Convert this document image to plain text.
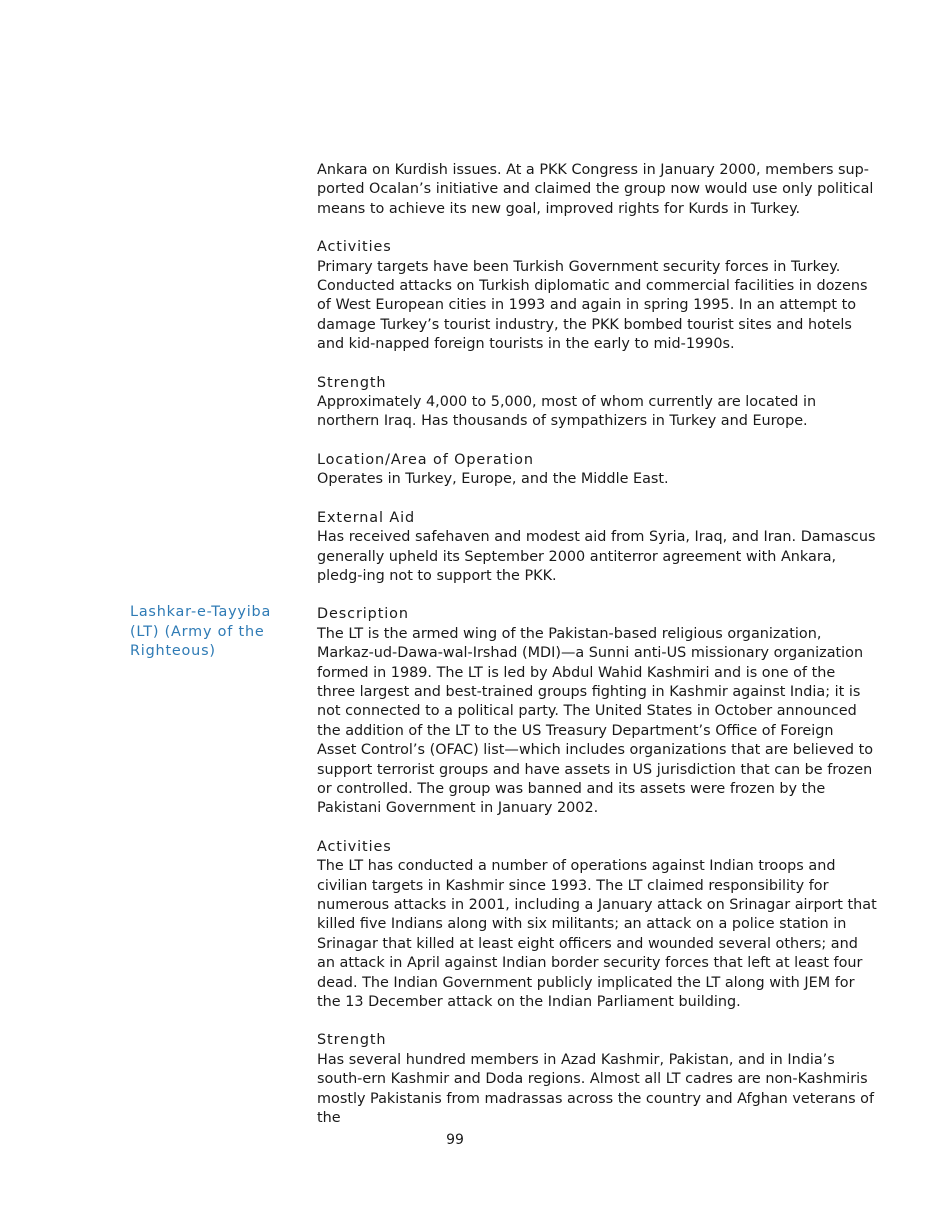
Lashkar-e-Tayyiba (LT) (Army of the Righteous)

Ankara on Kurdish issues. At a PKK Congress in January 2000, members sup-ported Ocalan’s initiative and claimed the group now would use only political means to achieve its new goal, improved rights for Kurds in Turkey.

Activities

Primary targets have been Turkish Government security forces in Turkey. Conducted attacks on Turkish diplomatic and commercial facilities in dozens of West European cities in 1993 and again in spring 1995. In an attempt to damage Turkey’s tourist industry, the PKK bombed tourist sites and hotels and kid-napped foreign tourists in the early to mid-1990s.

Strength

Approximately 4,000 to 5,000, most of whom currently are located in northern Iraq. Has thousands of sympathizers in Turkey and Europe.

Location/Area of Operation

Operates in Turkey, Europe, and the Middle East.

External Aid

Has received safehaven and modest aid from Syria, Iraq, and Iran. Damascus generally upheld its September 2000 antiterror agreement with Ankara, pledg-ing not to support the PKK.

Description

The LT is the armed wing of the Pakistan-based religious organization, Markaz-ud-Dawa-wal-Irshad (MDI)—a Sunni anti-US missionary organization formed in 1989. The LT is led by Abdul Wahid Kashmiri and is one of the three largest and best-trained groups fighting in Kashmir against India; it is not connected to a political party. The United States in October announced the addition of the LT to the US Treasury Department’s Office of Foreign Asset Control’s (OFAC) list—which includes organizations that are believed to support terrorist groups and have assets in US jurisdiction that can be frozen or controlled. The group was banned and its assets were frozen by the Pakistani Government in January 2002.

Activities

The LT has conducted a number of operations against Indian troops and civilian targets in Kashmir since 1993. The LT claimed responsibility for numerous attacks in 2001, including a January attack on Srinagar airport that killed five Indians along with six militants; an attack on a police station in Srinagar that killed at least eight officers and wounded several others; and an attack in April against Indian border security forces that left at least four dead. The Indian Government publicly implicated the LT along with JEM for the 13 December attack on the Indian Parliament building.

Strength

Has several hundred members in Azad Kashmir, Pakistan, and in India’s south-ern Kashmir and Doda regions. Almost all LT cadres are non-Kashmiris mostly Pakistanis from madrassas across the country and Afghan veterans of the

99
